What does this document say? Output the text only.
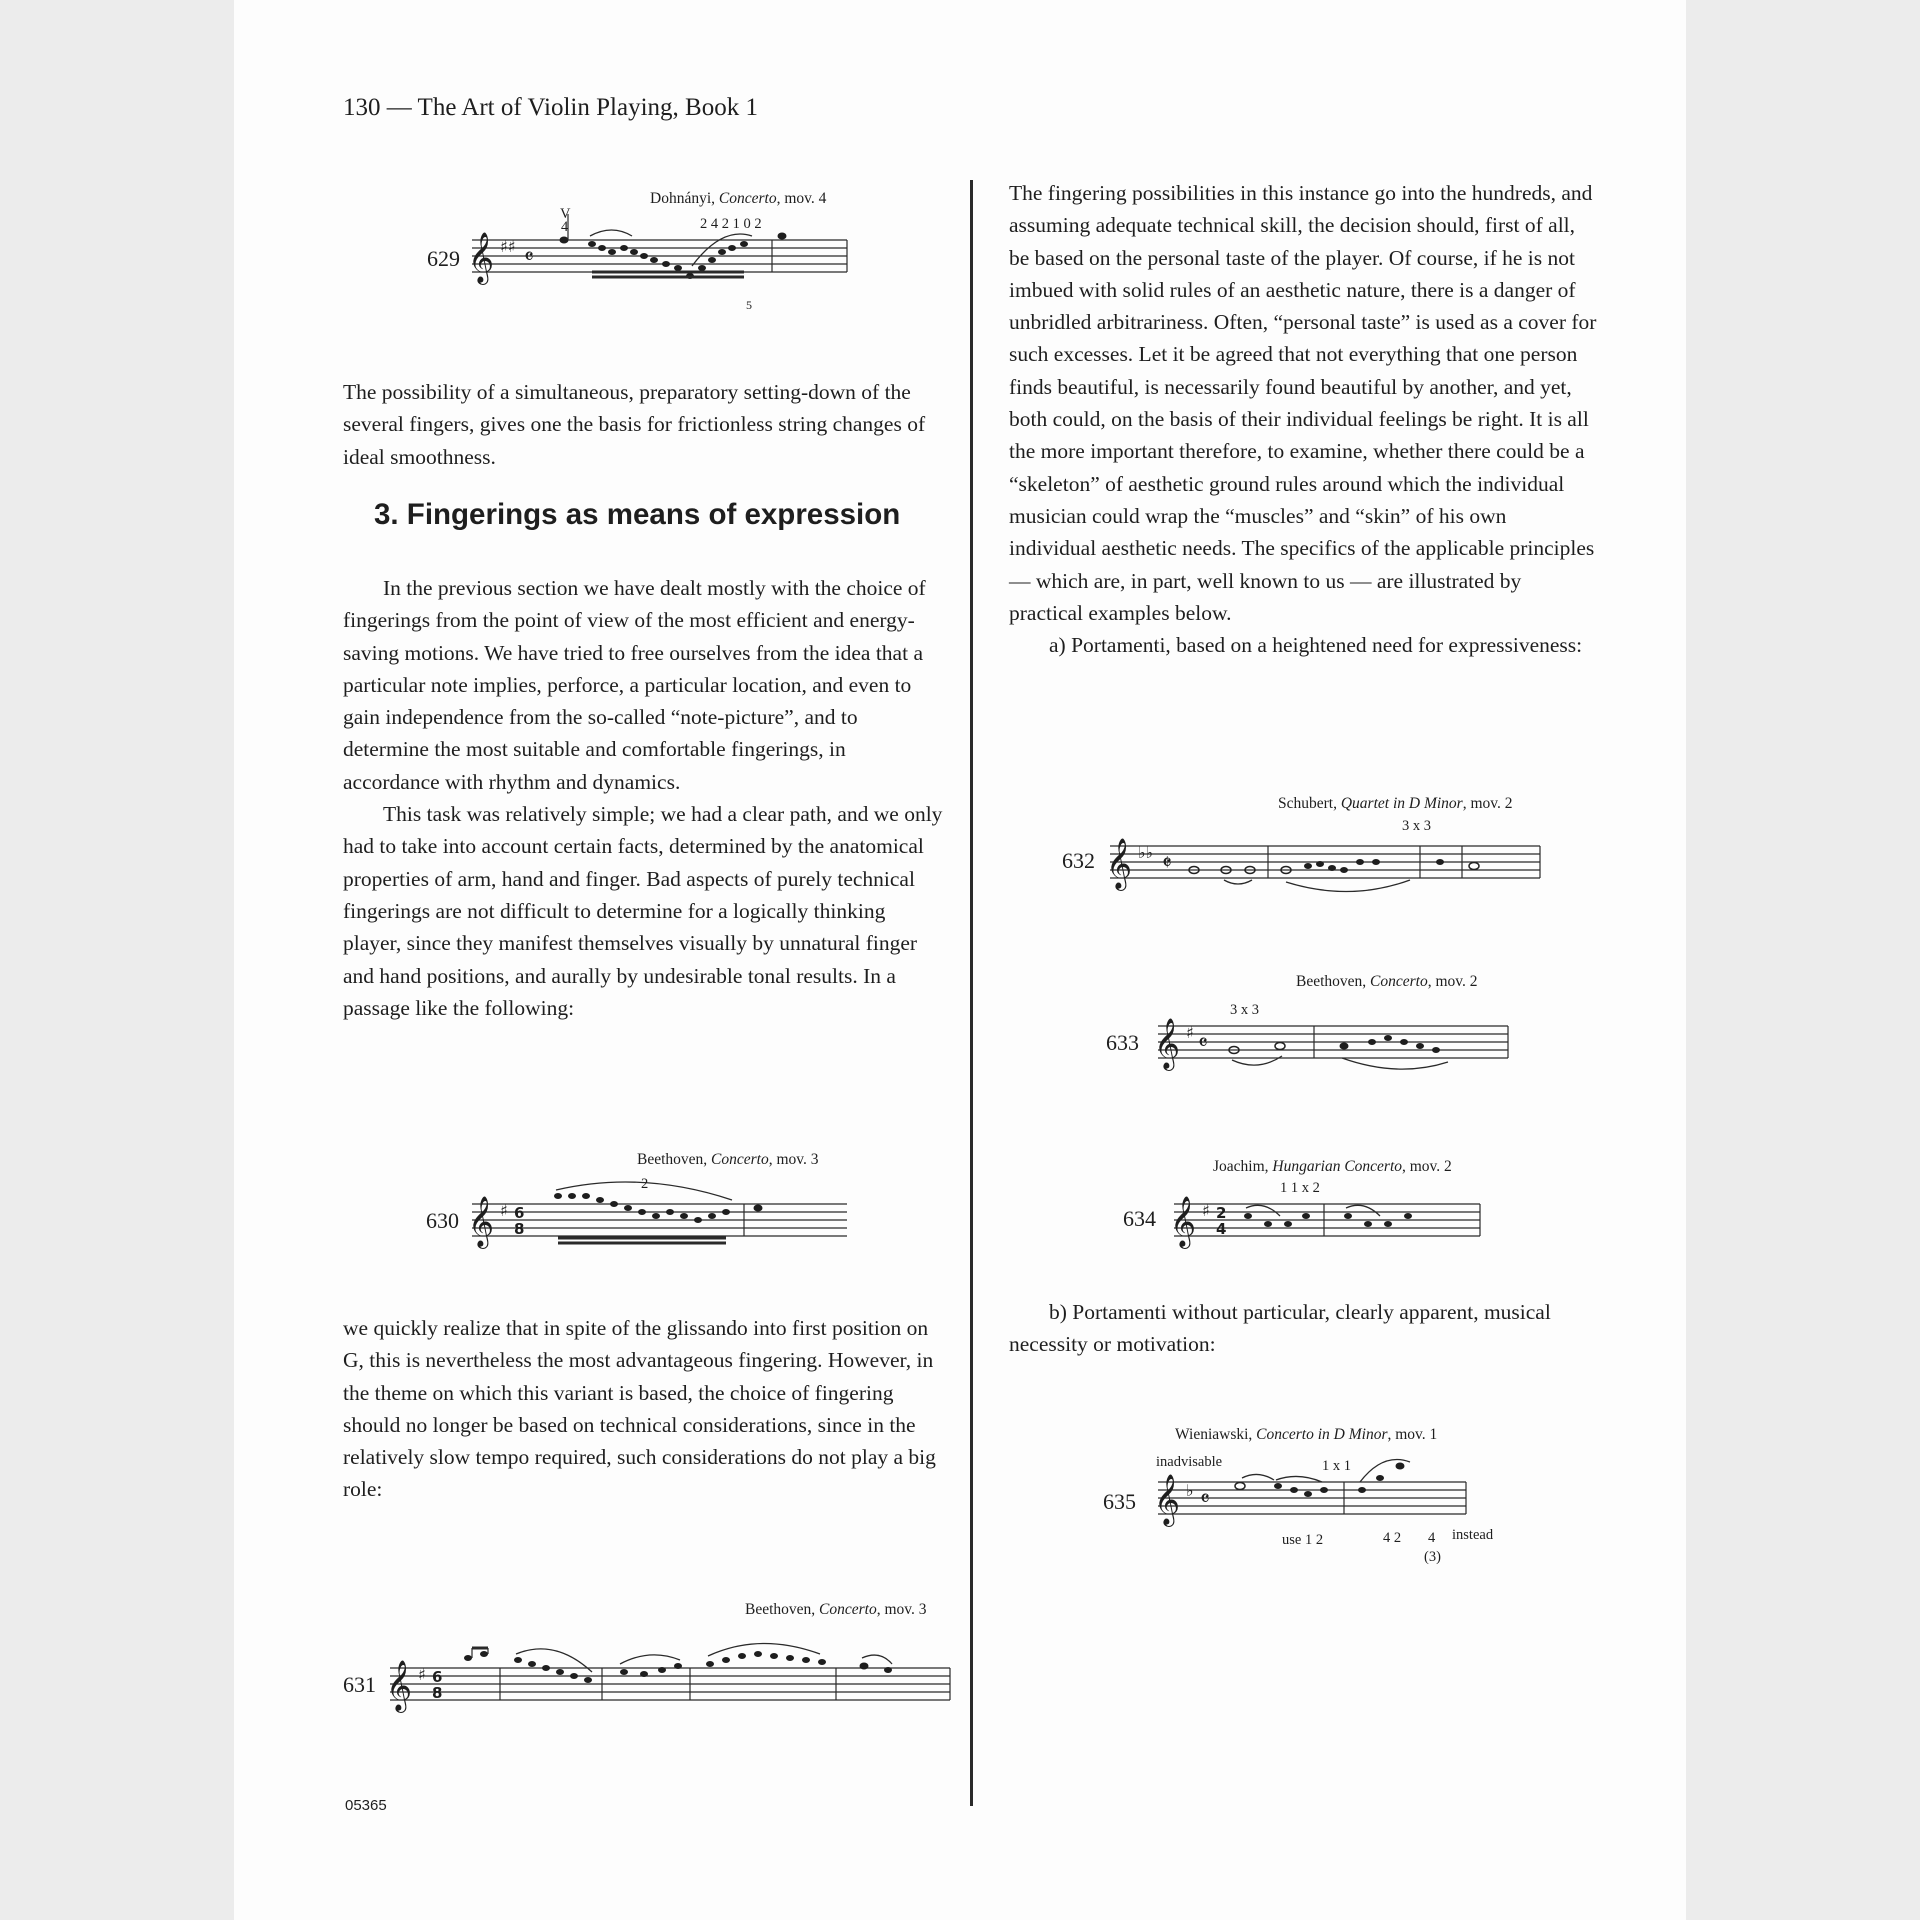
130 — The Art of Violin Playing, Book 1
Dohnányi, Concerto, mov. 4
629 𝄞 ♯♯ 𝄴
V
4	2 4 2 1 0 2
5

The possibility of a simultaneous, preparatory setting-down of the several fingers, gives one the basis for frictionless string changes of ideal smoothness.

3. Fingerings as means of expression

In the previous section we have dealt mostly with the choice of fingerings from the point of view of the most efficient and energy-saving motions. We have tried to free ourselves from the idea that a particular note implies, perforce, a particular location, and even to gain independence from the so-called “note-picture”, and to determine the most suitable and comfortable fingerings, in accordance with rhythm and dynamics.

This task was relatively simple; we had a clear path, and we only had to take into account certain facts, determined by the anatomical properties of arm, hand and finger. Bad aspects of purely technical fingerings are not difficult to determine for a logically thinking player, since they manifest themselves visually by unnatural finger and hand positions, and aurally by undesirable tonal results. In a passage like the following:

Beethoven, Concerto, mov. 3
630 𝄞 ♯ 6
8
2

we quickly realize that in spite of the glissando into first position on G, this is nevertheless the most advantageous fingering. However, in the theme on which this variant is based, the choice of fingering should no longer be based on technical considerations, since in the relatively slow tempo required, such considerations do not play a big role:

Beethoven, Concerto, mov. 3
631 𝄞 ♯ 6
8
05365

The fingering possibilities in this instance go into the hundreds, and assuming adequate technical skill, the decision should, first of all, be based on the personal taste of the player. Of course, if he is not imbued with solid rules of an aesthetic nature, there is a danger of unbridled arbitrariness. Often, “personal taste” is used as a cover for such excesses. Let it be agreed that not everything that one person finds beautiful, is necessarily found beautiful by another, and yet, both could, on the basis of their individual feelings be right. It is all the more important therefore, to examine, whether there could be a “skeleton” of aesthetic ground rules around which the individual musician could wrap the “muscles” and “skin” of his own individual aesthetic needs. The specifics of the applicable principles — which are, in part, well known to us — are illustrated by practical examples below.

a) Portamenti, based on a heightened need for expressiveness:

Schubert, Quartet in D Minor, mov. 2
3 x 3
632 𝄞 ♭♭ 𝄵
Beethoven, Concerto, mov. 2
3 x 3
633 𝄞 ♯ 𝄴
Joachim, Hungarian Concerto, mov. 2
1 1 x 2
634 𝄞 ♯ 2
4

b) Portamenti without particular, clearly apparent, musical necessity or motivation:

Wieniawski, Concerto in D Minor, mov. 1
inadvisable	1 x 1
635 𝄞 ♭ 𝄴
use 1 2	4 2 4 instead
(3)
